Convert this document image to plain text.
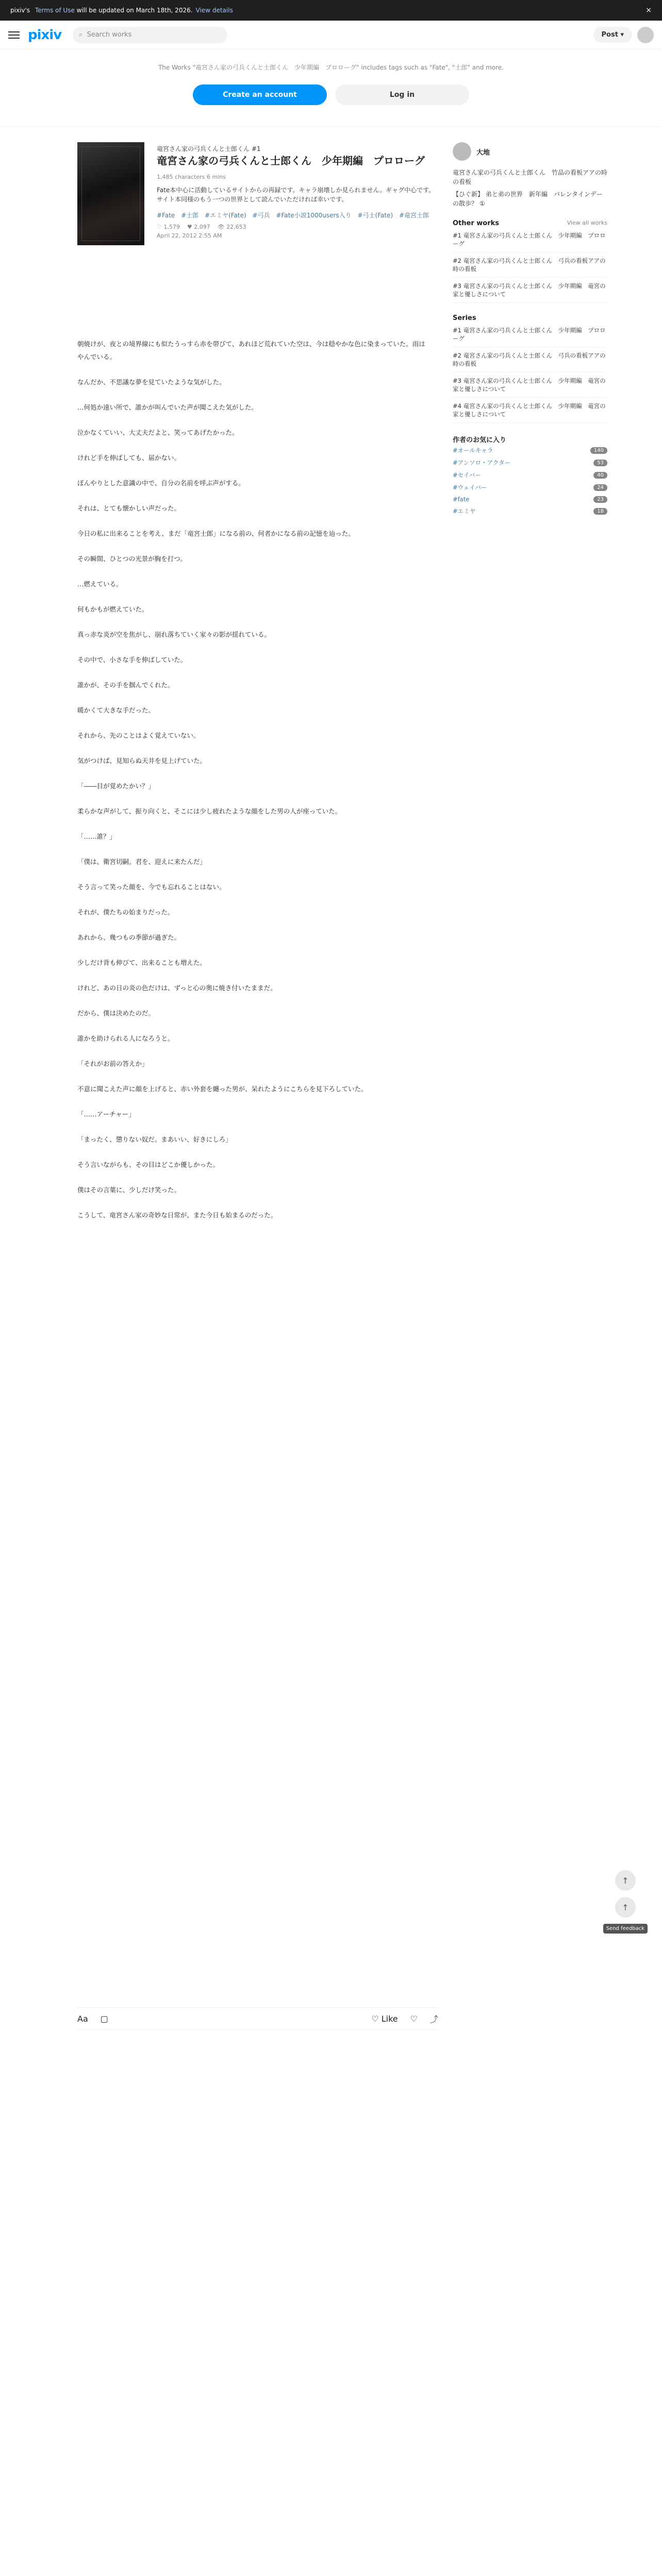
pixiv's
Terms of Use
will be updated on March 18th, 2026. View details	×
pixiv	⌕ Search works	Post ▾

The Works "竜宮さん家の弓兵くんと士郎くん　少年期編　プロローグ" includes tags such as "Fate", "士郎" and more.

Create an account	Log in
竜宮さん家の弓兵くんと士郎くん #1
竜宮さん家の弓兵くんと士郎くん　少年期編　プロローグ
1,485 characters 6 mins
Fate本中心に活動しているサイトからの再録です。キャラ崩壊しか見られません。ギャグ中心です。サイト本同様のもう一つの世界として読んでいただければ幸いです。
#Fate #士郎 #エミヤ(Fate) #弓兵 #Fate小説1000users入り #弓士(Fate) #竜宮士郎
♡ 1,579 ♥ 2,097 👁 22,653
April 22, 2012 2:55 AM

朝焼けが、夜との境界線にも似たうっすら赤を帯びて、あれほど荒れていた空は、今は穏やかな色に染まっていた。雨はやんでいる。

なんだか、不思議な夢を見ていたような気がした。

…何処か遠い所で、誰かが叫んでいた声が聞こえた気がした。

泣かなくていい、大丈夫だよと、笑ってあげたかった。

けれど手を伸ばしても、届かない。

ぼんやりとした意識の中で、自分の名前を呼ぶ声がする。

それは、とても懐かしい声だった。

今日の私に出来ることを考え、まだ「竜宮士郎」になる前の、何者かになる前の記憶を辿った。

その瞬間、ひとつの光景が胸を打つ。

…燃えている。

何もかもが燃えていた。

真っ赤な炎が空を焦がし、崩れ落ちていく家々の影が揺れている。

その中で、小さな手を伸ばしていた。

誰かが、その手を掴んでくれた。

暖かくて大きな手だった。

それから、先のことはよく覚えていない。

気がつけば、見知らぬ天井を見上げていた。

「――目が覚めたかい？」

柔らかな声がして、振り向くと、そこには少し疲れたような顔をした男の人が座っていた。

「……誰？」

「僕は、衛宮切嗣。君を、迎えに来たんだ」

そう言って笑った顔を、今でも忘れることはない。

それが、僕たちの始まりだった。

あれから、幾つもの季節が過ぎた。

少しだけ背も伸びて、出来ることも増えた。

けれど、あの日の炎の色だけは、ずっと心の奥に焼き付いたままだ。

だから、僕は決めたのだ。

誰かを助けられる人になろうと。

「それがお前の答えか」

不意に聞こえた声に顔を上げると、赤い外套を纏った男が、呆れたようにこちらを見下ろしていた。

「……アーチャー」

「まったく、懲りない奴だ。まあいい、好きにしろ」

そう言いながらも、その目はどこか優しかった。

僕はその言葉に、少しだけ笑った。

こうして、竜宮さん家の奇妙な日常が、また今日も始まるのだった。

Aa ▢	♡ Like ♡ ⤴
大地
竜宮さん家の弓兵くんと士郎くん　竹品の看板アアの時の看板
【ひぐ新】 弟と弟の世界　新年編　バレンタインデーの散歩？ ①
Other works	View all works
#1 竜宮さん家の弓兵くんと士郎くん　少年期編　プロローグ
#2 竜宮さん家の弓兵くんと士郎くん　弓兵の看板アアの時の看板
#3 竜宮さん家の弓兵くんと士郎くん　少年期編　竜宮の家と優しさについて
Series
#1 竜宮さん家の弓兵くんと士郎くん　少年期編　プロローグ
#2 竜宮さん家の弓兵くんと士郎くん　弓兵の看板アアの時の看板
#3 竜宮さん家の弓兵くんと士郎くん　少年期編　竜宮の家と優しさについて
#4 竜宮さん家の弓兵くんと士郎くん　少年期編　竜宮の家と優しさについて
作者のお気に入り
#オールキャラ	140
#アンソロ・アクター	53
#セイバー	40
#ウェイバー	24
#fate	23
#エミヤ	18
↑
↑
Send feedback
